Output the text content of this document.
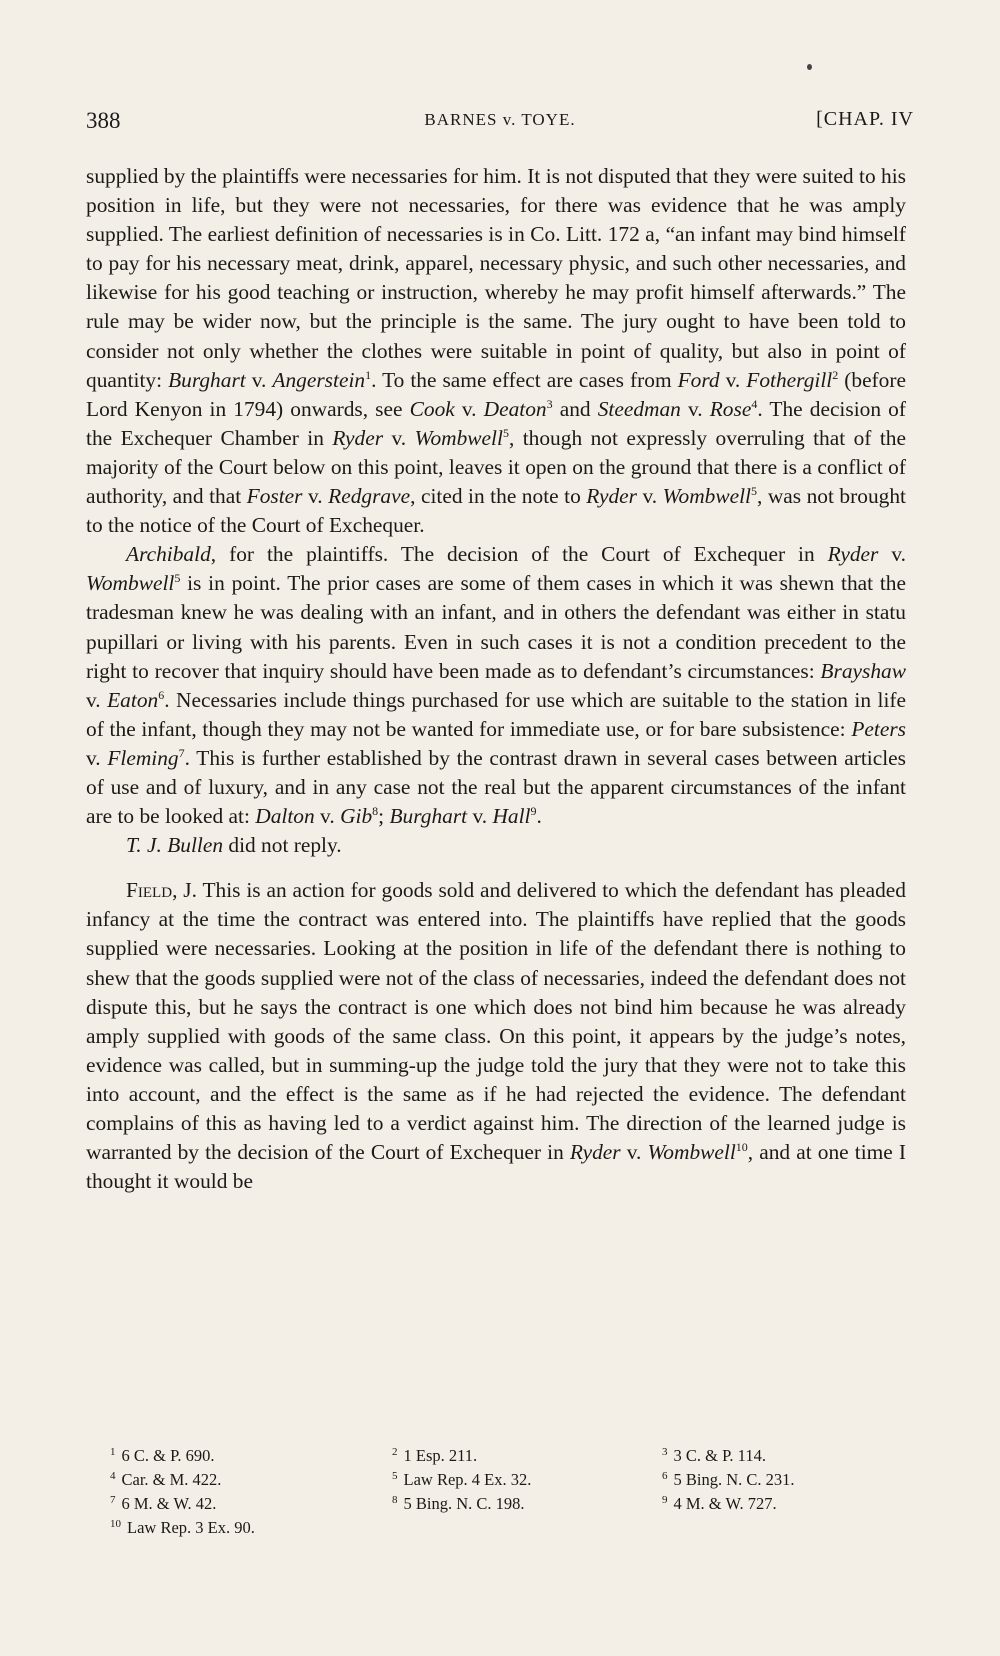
388	BARNES v. TOYE.	[CHAP. IV

supplied by the plaintiffs were necessaries for him. It is not disputed that they were suited to his position in life, but they were not necessaries, for there was evidence that he was amply supplied. The earliest definition of necessaries is in Co. Litt. 172 a, “an infant may bind himself to pay for his necessary meat, drink, apparel, necessary physic, and such other necessaries, and likewise for his good teaching or instruction, whereby he may profit himself afterwards.” The rule may be wider now, but the principle is the same. The jury ought to have been told to consider not only whether the clothes were suitable in point of quality, but also in point of quantity: Burghart v. Angerstein$^1$. To the same effect are cases from Ford v. Fothergill$^2$ (before Lord Kenyon in 1794) onwards, see Cook v. Deaton$^3$ and Steedman v. Rose$^4$. The decision of the Exchequer Chamber in Ryder v. Wombwell$^5$, though not expressly overruling that of the majority of the Court below on this point, leaves it open on the ground that there is a conflict of authority, and that Foster v. Redgrave, cited in the note to Ryder v. Wombwell$^5$, was not brought to the notice of the Court of Exchequer.

Archibald, for the plaintiffs. The decision of the Court of Exchequer in Ryder v. Wombwell$^5$ is in point. The prior cases are some of them cases in which it was shewn that the tradesman knew he was dealing with an infant, and in others the defendant was either in statu pupillari or living with his parents. Even in such cases it is not a condition precedent to the right to recover that inquiry should have been made as to defendant’s circumstances: Brayshaw v. Eaton$^6$. Necessaries include things purchased for use which are suitable to the station in life of the infant, though they may not be wanted for immediate use, or for bare subsistence: Peters v. Fleming$^7$. This is further established by the contrast drawn in several cases between articles of use and of luxury, and in any case not the real but the apparent circumstances of the infant are to be looked at: Dalton v. Gib$^8$; Burghart v. Hall$^9$.

T. J. Bullen did not reply.

Field, J. This is an action for goods sold and delivered to which the defendant has pleaded infancy at the time the contract was entered into. The plaintiffs have replied that the goods supplied were necessaries. Looking at the position in life of the defendant there is nothing to shew that the goods supplied were not of the class of necessaries, indeed the defendant does not dispute this, but he says the contract is one which does not bind him because he was already amply supplied with goods of the same class. On this point, it appears by the judge’s notes, evidence was called, but in summing-up the judge told the jury that they were not to take this into account, and the effect is the same as if he had rejected the evidence. The defendant complains of this as having led to a verdict against him. The direction of the learned judge is warranted by the decision of the Court of Exchequer in Ryder v. Wombwell$^{10}$, and at one time I thought it would be

$^1$ 6 C. & P. 690.	$^2$ 1 Esp. 211.	$^3$ 3 C. & P. 114.
$^4$ Car. & M. 422.	$^5$ Law Rep. 4 Ex. 32.	$^6$ 5 Bing. N. C. 231.
$^7$ 6 M. & W. 42.	$^8$ 5 Bing. N. C. 198.	$^9$ 4 M. & W. 727.
$^{10}$ Law Rep. 3 Ex. 90.
